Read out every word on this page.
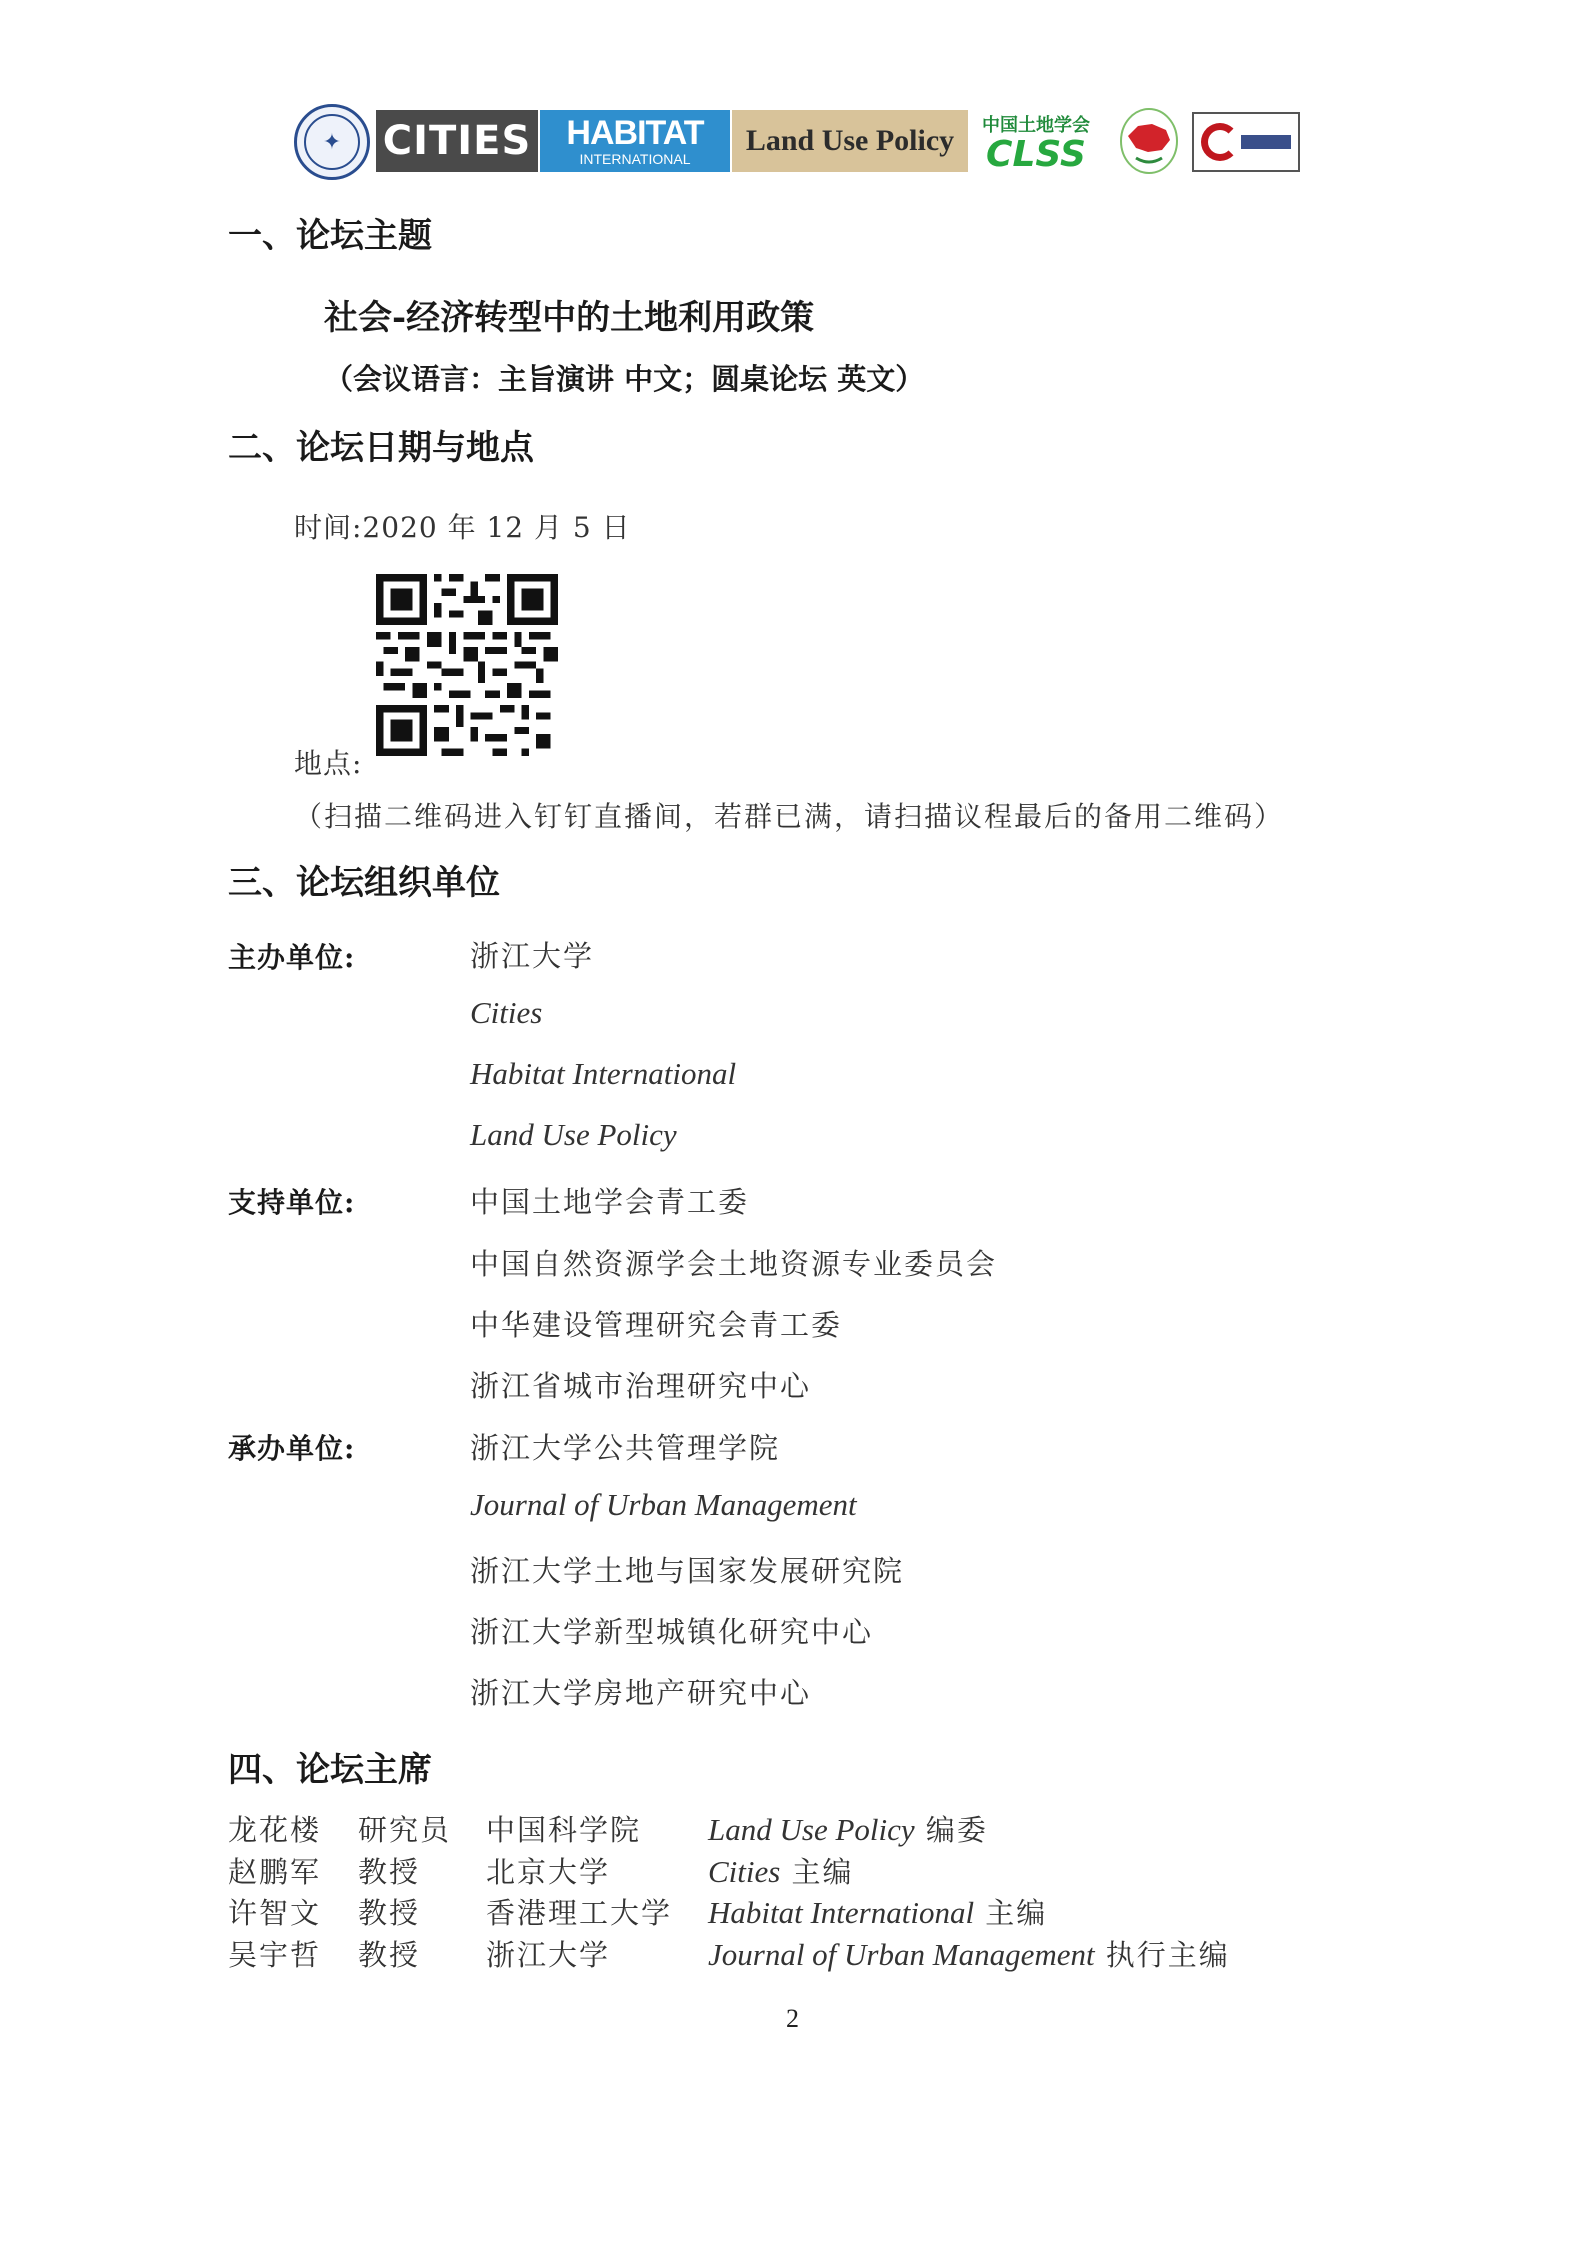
✦	CITIES HABITAT
INTERNATIONAL
Land Use Policy	中国土地学会
CLSS
一、论坛主题
社会-经济转型中的土地利用政策
（会议语言：主旨演讲 中文；圆桌论坛 英文）
二、论坛日期与地点
时间:2020 年 12 月 5 日
地点:
（扫描二维码进入钉钉直播间，若群已满，请扫描议程最后的备用二维码）
三、论坛组织单位
主办单位:	浙江大学
Cities
Habitat International
Land Use Policy
支持单位:	中国土地学会青工委
中国自然资源学会土地资源专业委员会
中华建设管理研究会青工委
浙江省城市治理研究中心
承办单位:	浙江大学公共管理学院
Journal of Urban Management
浙江大学土地与国家发展研究院
浙江大学新型城镇化研究中心
浙江大学房地产研究中心
四、论坛主席
龙花楼 研究员 中国科学院 Land Use Policy 编委
赵鹏军 教授 北京大学	Cities 主编
许智文 教授 香港理工大学 Habitat International 主编
吴宇哲 教授 浙江大学	Journal of Urban Management 执行主编
2
